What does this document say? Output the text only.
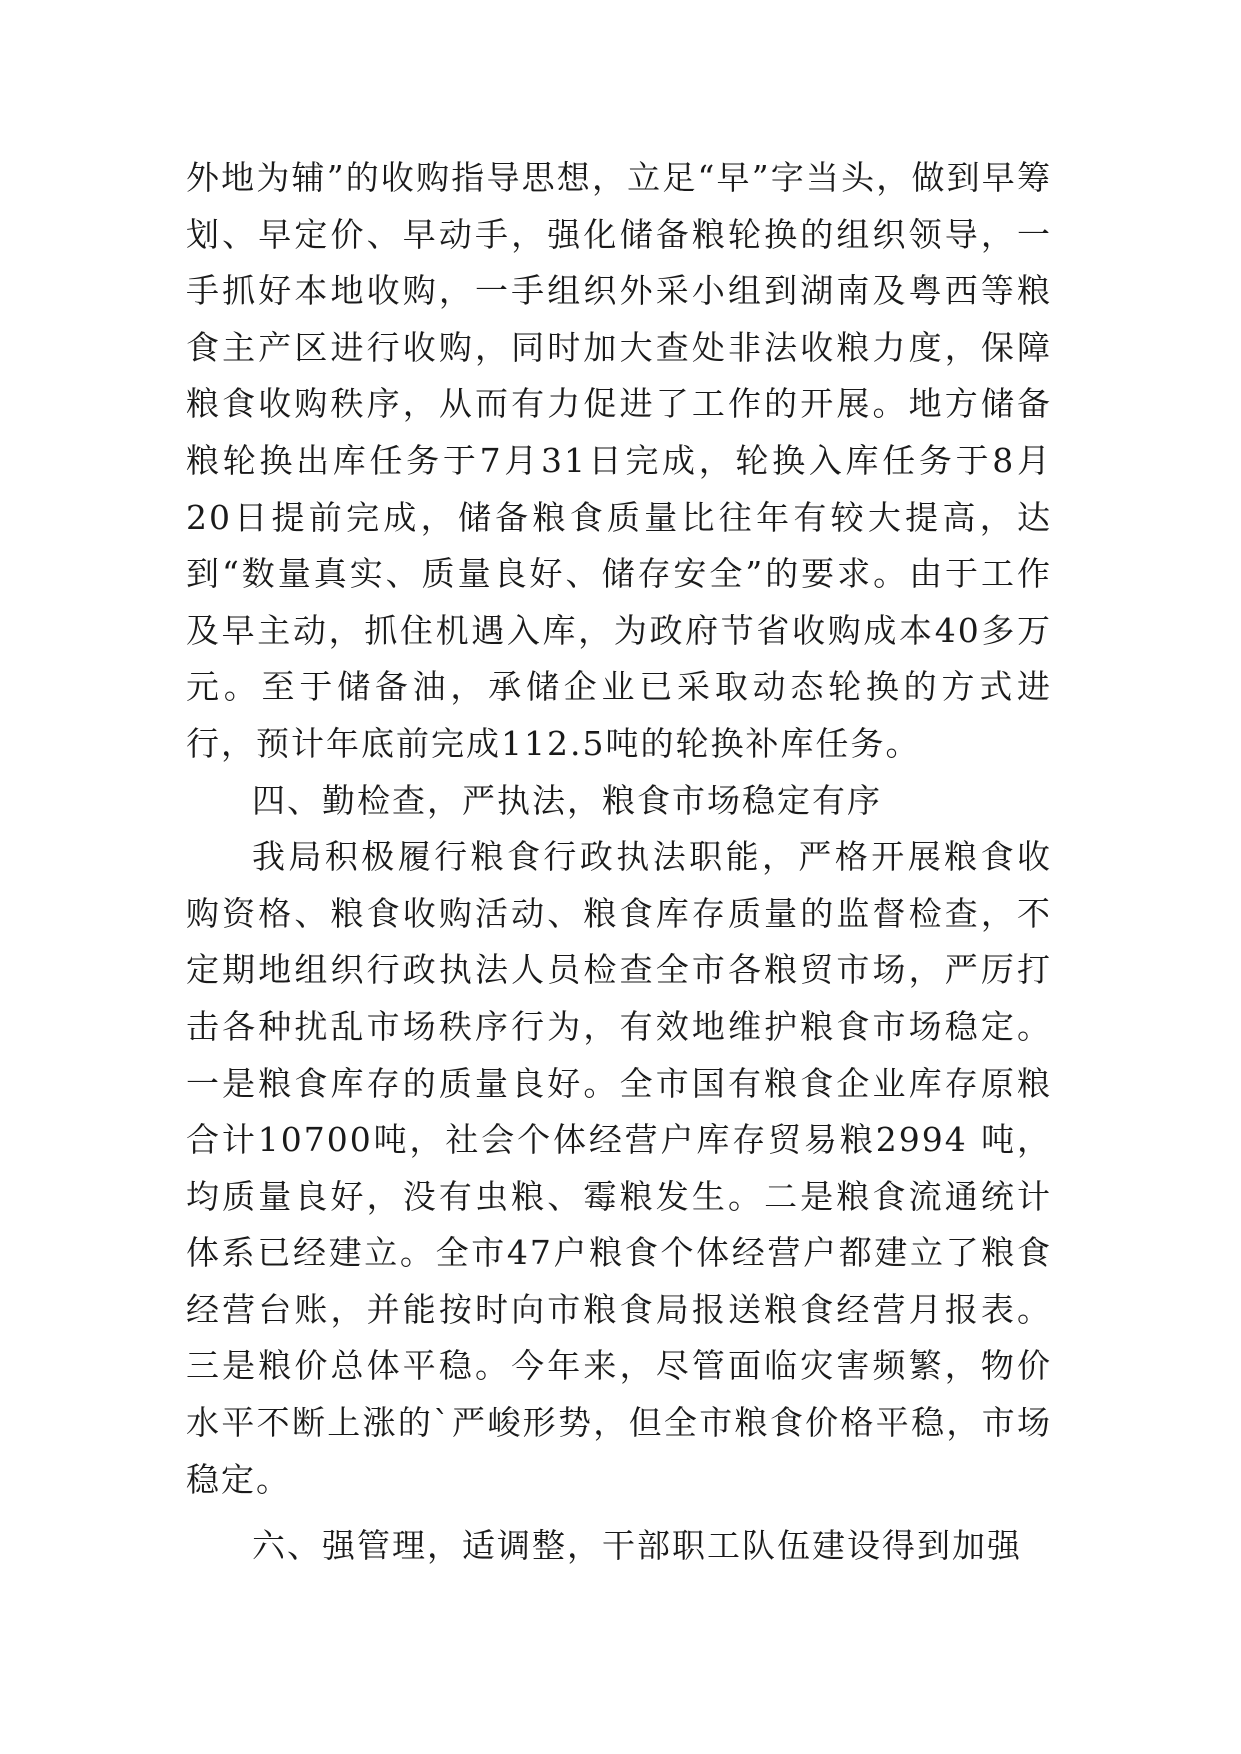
外地为辅”的收购指导思想，立足“早”字当头，做到早筹划、早定价、早动手，强化储备粮轮换的组织领导，一手抓好本地收购，一手组织外采小组到湖南及粤西等粮食主产区进行收购，同时加大查处非法收粮力度，保障粮食收购秩序，从而有力促进了工作的开展。地方储备粮轮换出库任务于7月31日完成，轮换入库任务于8月20日提前完成，储备粮食质量比往年有较大提高，达到“数量真实、质量良好、储存安全”的要求。由于工作及早主动，抓住机遇入库，为政府节省收购成本40多万元。至于储备油，承储企业已采取动态轮换的方式进行，预计年底前完成112.5吨的轮换补库任务。

四、勤检查，严执法，粮食市场稳定有序

我局积极履行粮食行政执法职能，严格开展粮食收购资格、粮食收购活动、粮食库存质量的监督检查，不定期地组织行政执法人员检查全市各粮贸市场，严厉打击各种扰乱市场秩序行为，有效地维护粮食市场稳定。一是粮食库存的质量良好。全市国有粮食企业库存原粮合计10700吨，社会个体经营户库存贸易粮2994 吨，均质量良好，没有虫粮、霉粮发生。二是粮食流通统计体系已经建立。全市47户粮食个体经营户都建立了粮食经营台账，并能按时向市粮食局报送粮食经营月报表。三是粮价总体平稳。今年来，尽管面临灾害频繁，物价水平不断上涨的`严峻形势，但全市粮食价格平稳，市场稳定。

六、强管理，适调整，干部职工队伍建设得到加强
